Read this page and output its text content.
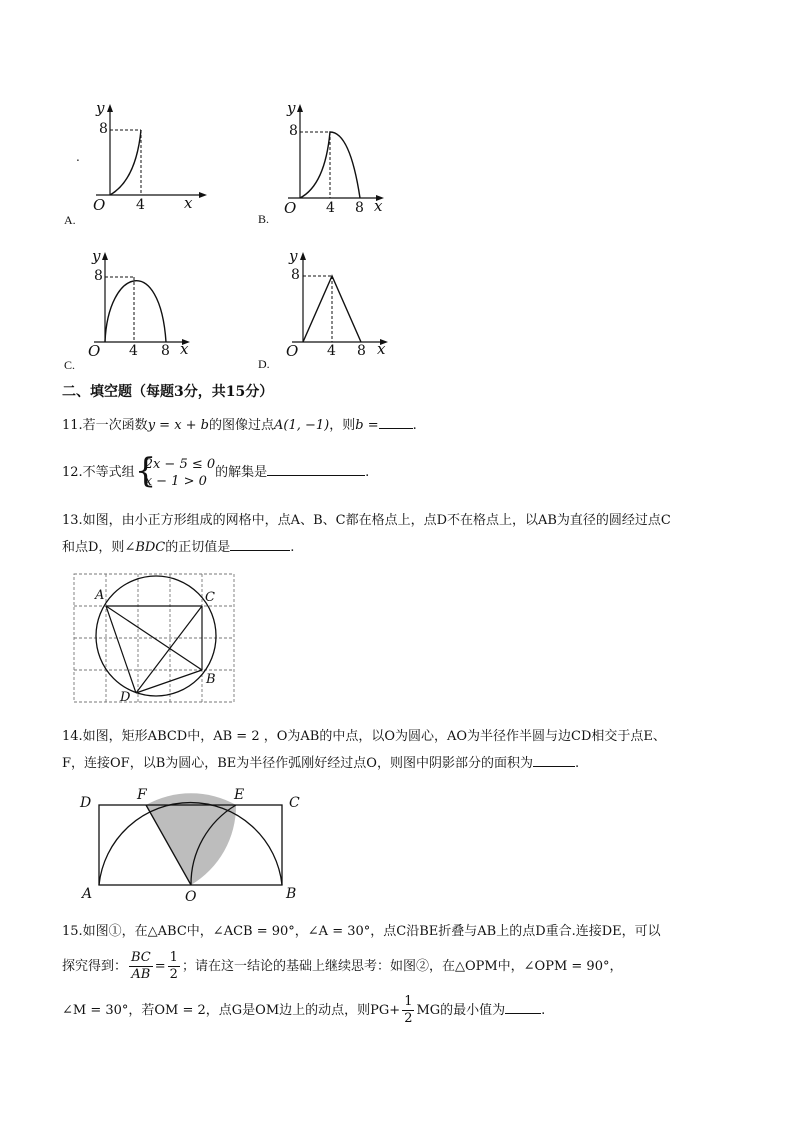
.
y
8
O 4	x
A.
y
8
O 4 8 x
B.
y
8
O 4 8 x
C.
y
8
O 4 8 x
D.
二、填空题（每题3分，共15分）
11.若一次函数y = x + b的图像过点A(1, −1)，则b =	.
12.不等式组 {
2x − 5 ≤ 0
x − 1 > 0
的解集是	.
13.如图，由小正方形组成的网格中，点A、B、C都在格点上，点D不在格点上，以AB为直径的圆经过点C
和点D，则∠BDC的正切值是	.
A	C
B
D
14.如图，矩形ABCD中，AB = 2 ，O为AB的中点，以O为圆心，AO为半径作半圆与边CD相交于点E、
F，连接OF，以B为圆心，BE为半径作弧刚好经过点O，则图中阴影部分的面积为	.
D	F	E	C
A	O	B
15.如图①，在△ABC中，∠ACB = 90°，∠A = 30°，点C沿BE折叠与AB上的点D重合.连接DE，可以
探究得到： $\frac{BC}{AB} = \frac{1}{2}$ ；请在这一结论的基础上继续思考：如图②，在△OPM中，∠OPM = 90°，
∠M = 30°，若OM = 2，点G是OM边上的动点，则$PG+ \frac{1}{2}$ MG的最小值为	.
